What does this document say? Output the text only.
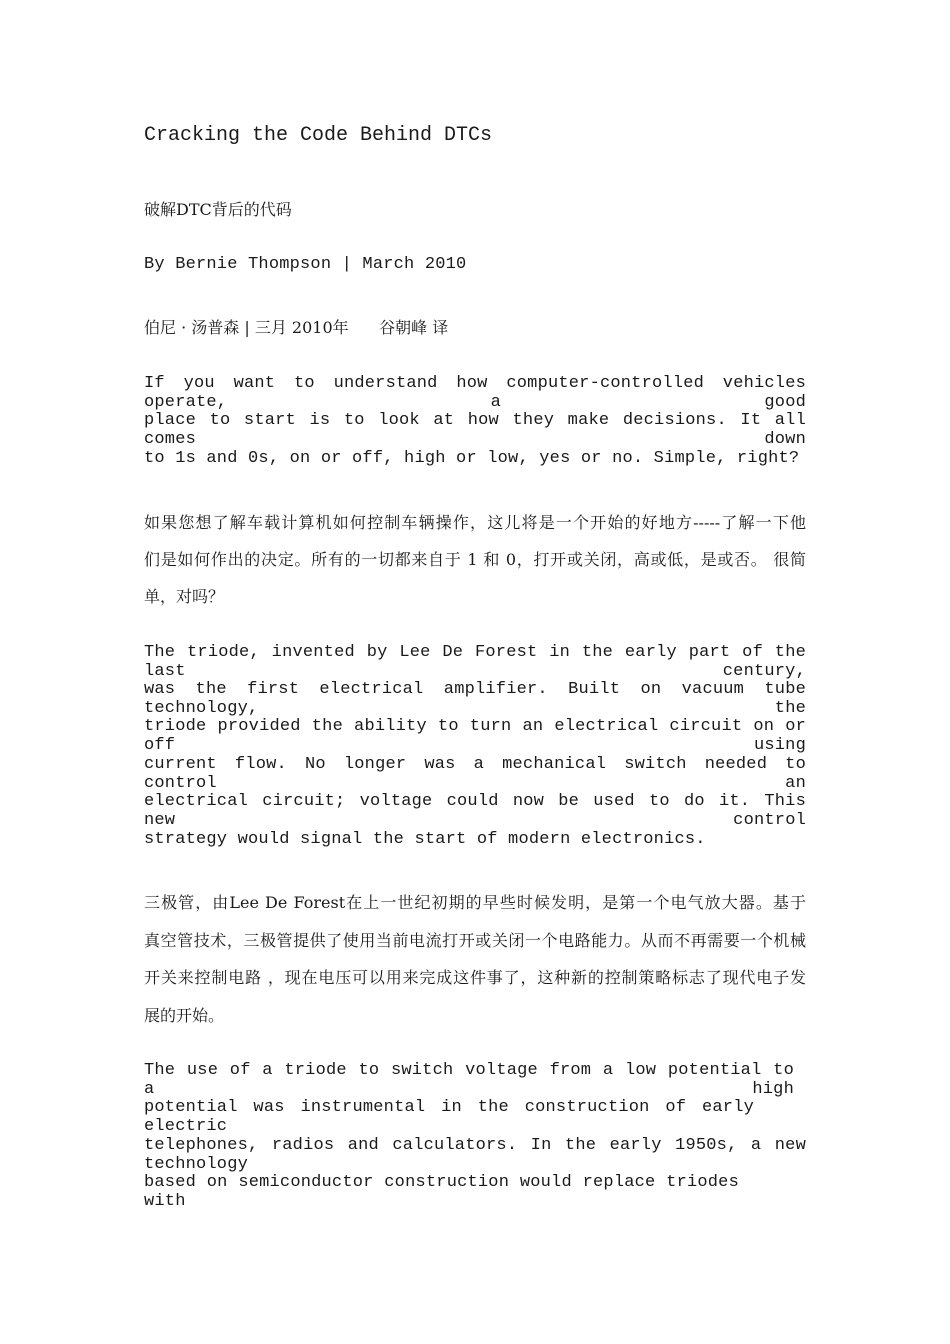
Cracking the Code Behind DTCs

破解DTC背后的代码

By Bernie Thompson | March 2010

伯尼 · 汤普森 | 三月 2010年      谷朝峰 译

If you want to understand how computer-controlled vehicles operate, a good

place to start is to look at how they make decisions. It all comes down

to 1s and 0s, on or off, high or low, yes or no. Simple, right?

如果您想了解车载计算机如何控制车辆操作，这儿将是一个开始的好地方-----了解一下他

们是如何作出的决定。所有的一切都来自于 1 和 0，打开或关闭，高或低，是或否。 很简

单，对吗？

The triode, invented by Lee De Forest in the early part of the last century,

was the first electrical amplifier. Built on vacuum tube technology, the

triode provided the ability to turn an electrical circuit on or off using

current flow. No longer was a mechanical switch needed to control an

electrical circuit; voltage could now be used to do it. This new control

strategy would signal the start of modern electronics.

三极管，由Lee De Forest在上一世纪初期的早些时候发明，是第一个电气放大器。基于

真空管技术，三极管提供了使用当前电流打开或关闭一个电路能力。从而不再需要一个机械

开关来控制电路 ，现在电压可以用来完成这件事了，这种新的控制策略标志了现代电子发

展的开始。

The use of a triode to switch voltage from a low potential to a high

potential was instrumental in the construction of early electric

telephones, radios and calculators. In the early 1950s, a new technology

based on semiconductor construction would replace triodes with
